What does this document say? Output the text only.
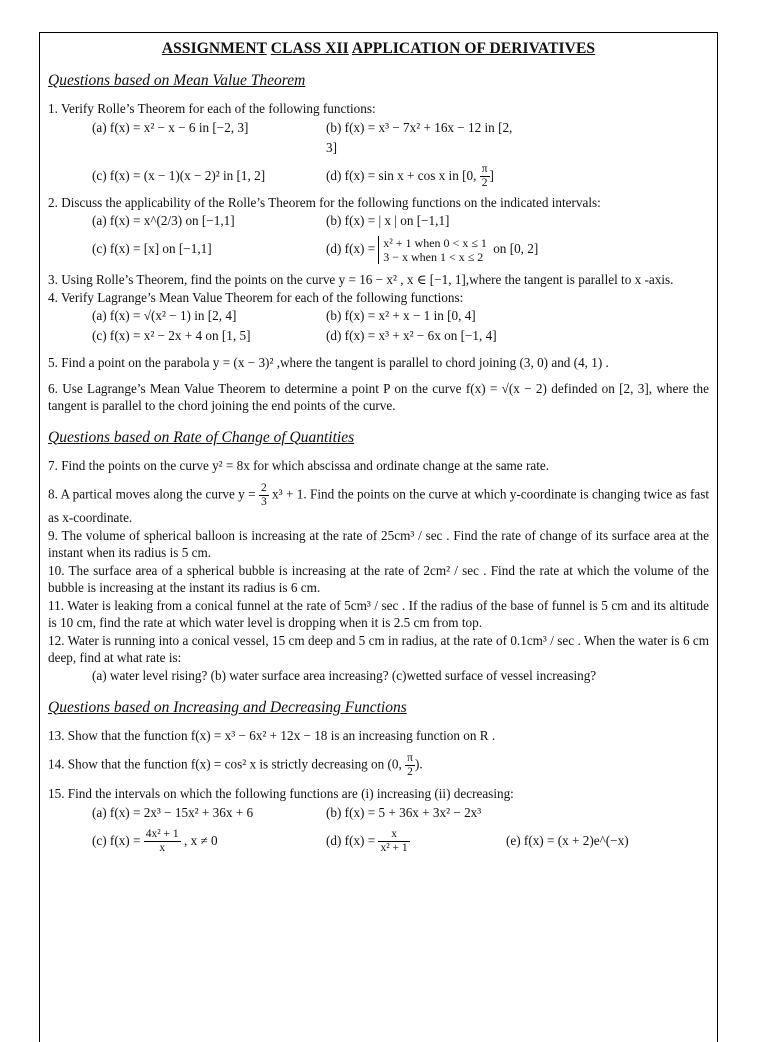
ASSIGNMENT CLASS XII APPLICATION OF DERIVATIVES
Questions based on Mean Value Theorem
1. Verify Rolle’s Theorem for each of the following functions:
(a) f(x) = x² − x − 6 in [−2, 3]	(b) f(x) = x³ − 7x² + 16x − 12 in [2, 3]
(c) f(x) = (x − 1)(x − 2)² in [1, 2]	(d) f(x) = sin x + cos x in [0, $\frac{\pi}{2}$ ]
2. Discuss the applicability of the Rolle’s Theorem for the following functions on the indicated intervals:
(a) f(x) = x^(2/3) on [−1,1]	(b) f(x) = | x | on [−1,1]
(c) f(x) = [x] on [−1,1]	(d) f(x) = x² + 1 when 0 < x ≤ 1
3 − x when 1 < x ≤ 2
on [0, 2]
3. Using Rolle’s Theorem, find the points on the curve y = 16 − x² , x ∈ [−1, 1],where the tangent is parallel to x -axis.
4. Verify Lagrange’s Mean Value Theorem for each of the following functions:
(a) f(x) = √(x² − 1) in [2, 4]	(b) f(x) = x² + x − 1 in [0, 4]
(c) f(x) = x² − 2x + 4 on [1, 5]	(d) f(x) = x³ + x² − 6x on [−1, 4]
5. Find a point on the parabola y = (x − 3)² ,where the tangent is parallel to chord joining (3, 0) and (4, 1) .
6. Use Lagrange’s Mean Value Theorem to determine a point P on the curve f(x) = √(x − 2) definded on [2, 3], where the tangent is parallel to the chord joining the end points of the curve.
Questions based on Rate of Change of Quantities
7. Find the points on the curve y² = 8x for which abscissa and ordinate change at the same rate.
8. A partical moves along the curve $y = \frac{2}{3} x^3 + 1$. Find the points on the curve at which y-coordinate is changing twice as fast as x-coordinate.
9. The volume of spherical balloon is increasing at the rate of 25cm³ / sec . Find the rate of change of its surface area at the instant when its radius is 5 cm.
10. The surface area of a spherical bubble is increasing at the rate of 2cm² / sec . Find the rate at which the volume of the bubble is increasing at the instant its radius is 6 cm.
11. Water is leaking from a conical funnel at the rate of 5cm³ / sec . If the radius of the base of funnel is 5 cm and its altitude is 10 cm, find the rate at which water level is dropping when it is 2.5 cm from top.
12. Water is running into a conical vessel, 15 cm deep and 5 cm in radius, at the rate of 0.1cm³ / sec . When the water is 6 cm deep, find at what rate is:
(a) water level rising? (b) water surface area increasing? (c)wetted surface of vessel increasing?
Questions based on Increasing and Decreasing Functions
13. Show that the function f(x) = x³ − 6x² + 12x − 18 is an increasing function on R .
14. Show that the function f(x) = cos² x is strictly decreasing on (0, $\frac{\pi}{2}$ ).
15. Find the intervals on which the following functions are (i) increasing (ii) decreasing:
(a) f(x) = 2x³ − 15x² + 36x + 6	(b) f(x) = 5 + 36x + 3x² − 2x³
(c) $f(x) = \frac{\text{4x² + 1}}{x}$ , x ≠ 0	(d) $f(x) = \frac{x}{\text{x² + 1}}$	(e) f(x) = (x + 2)e^(−x)
